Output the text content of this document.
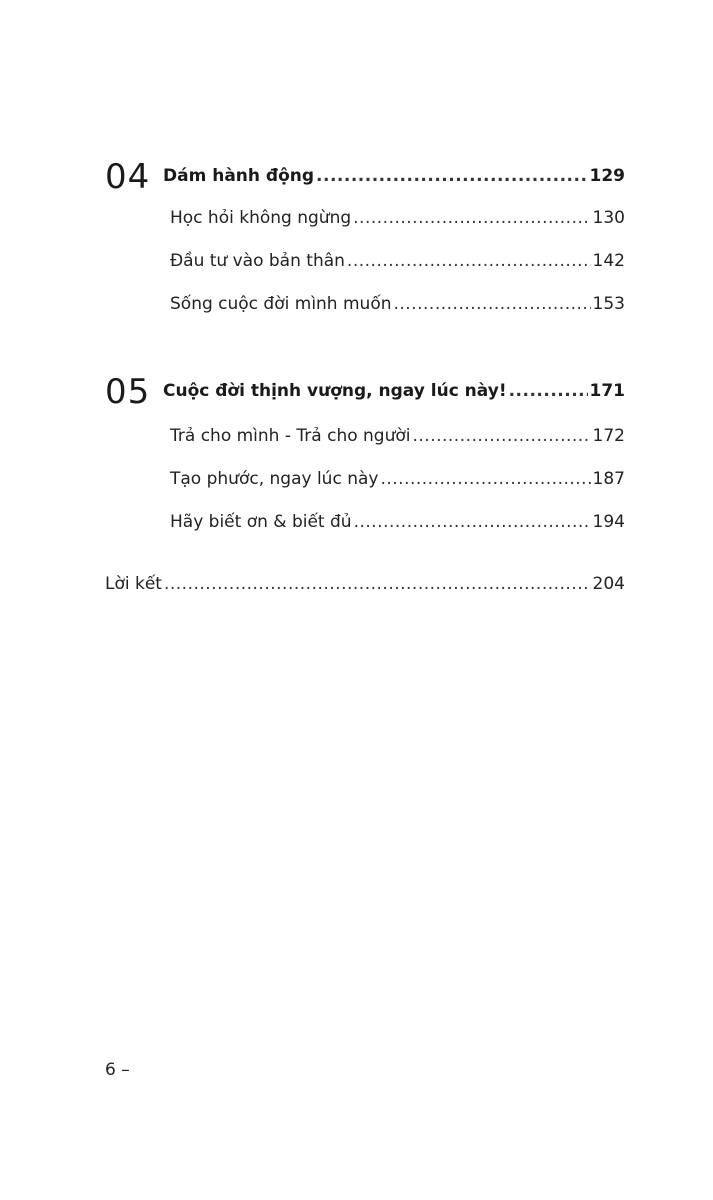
04 Dám hành động .....	129
Học hỏi không ngừng .....	130
Đầu tư vào bản thân .....	142
Sống cuộc đời mình muốn .....	153
05 Cuộc đời thịnh vượng, ngay lúc này! .....	171
Trả cho mình - Trả cho người .....	172
Tạo phước, ngay lúc này .....	187
Hãy biết ơn & biết đủ .....	194
Lời kết .....	204
6 –
